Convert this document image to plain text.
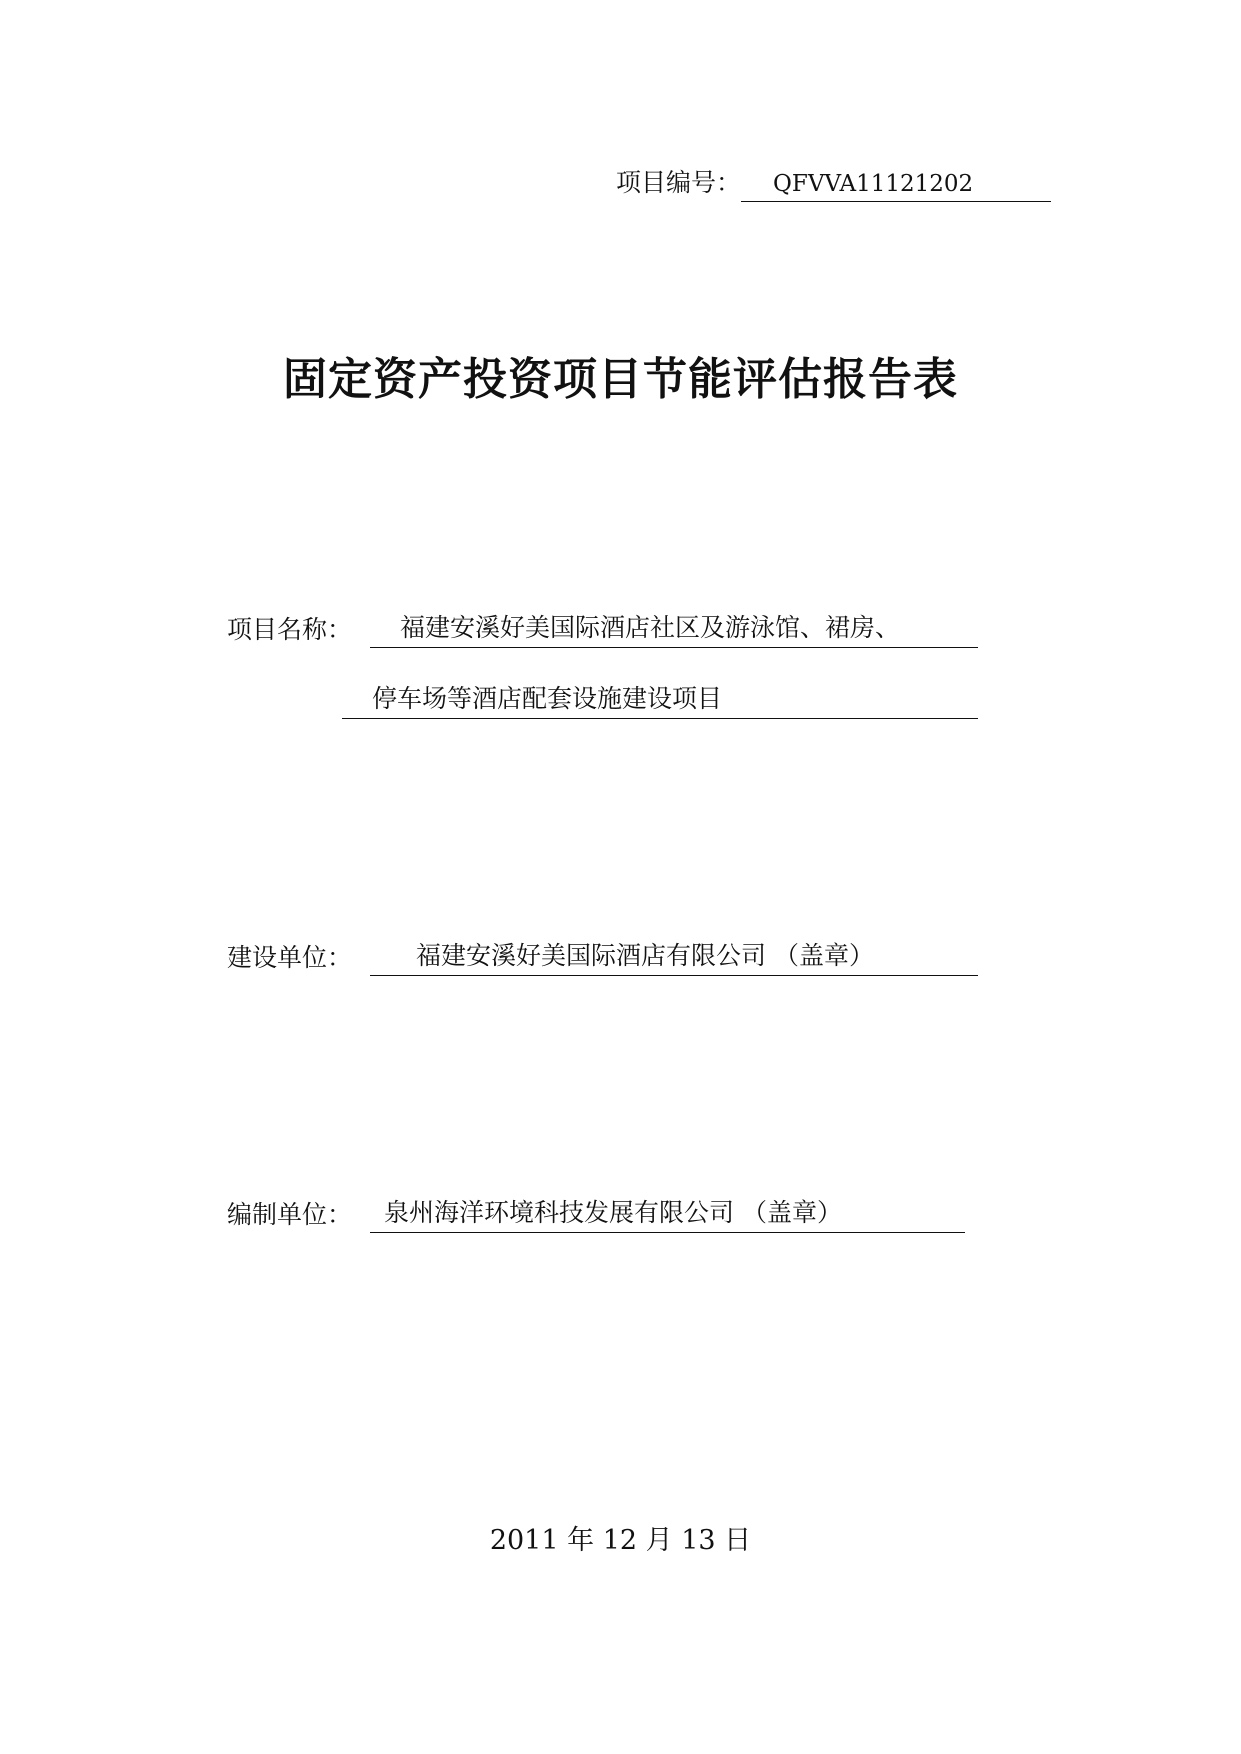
项目编号： QFVVA11121202
固定资产投资项目节能评估报告表
项目名称：	福建安溪好美国际酒店社区及游泳馆、裙房、
停车场等酒店配套设施建设项目
建设单位：	福建安溪好美国际酒店有限公司 （盖章）
编制单位：	泉州海洋环境科技发展有限公司 （盖章）
2011 年 12 月 13 日
